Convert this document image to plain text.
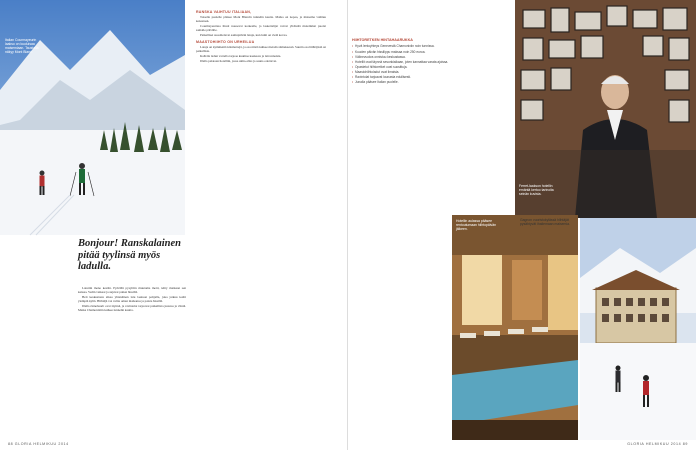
Italian Courmayeurin laakso on kuuluisaa maisemiaan. Taustalla näkyy Mont Blanc.
Bonjour! Ranskalainen pitää tyylinsä myös ladulla.

Laturiin meno kestää. Pyörällä pysyttiin muutama metri, tehty matkaan sen kanssa. Vedin vaikeat ja sujuvat paikat hissillä.

Heti keskustasta alkaa yhtenäinen latu laakson pohjalla, joka jatkuu kohti ylempiä kyliä. Hiihtäjä voi valita oman matkansa ja palata hissillä.

Illalla rinnebaarit ovat täynnä, ja ravintolat tarjoavat paikallista juustoa ja viiniä. Matka Chamonixiin kulkee tunnelin kautta.

RANSKA VAIHTUU ITALIAAN,

Toiselle puolelle pääsee Mont Blancin tunnelin kautta. Matka on nopea, ja maisema vaihtuu kokonaan.

Courmayeurissa hissit nousevat korkealle, ja laskettelijat voivat yhdistää molemmat puolet samalle päivälle.

Paikalliset suosittelevat aamupäivän latuja, kun lumi on vielä kovaa.

MAASTOHIIHTO ON URHEILUA

Latuja on kymmeniä kilometrejä, ja osa niistä kulkee metsän siimeksessä. Suurin osa hiihtäjistä on paikallisia.

Kahvila ladun varrella tarjoaa kuumaa kaakaota ja leivonnaisia.

Illalla palataan hotelliin, jossa uima-allas ja sauna odottavat.

88 GLORIA HELMIKUU 2014
HIIHTORETKEN HINTAHAARUKKA
• Hyvä lentoyhteys Genevestä Chamonixiin noin tunnissa.
• Kuuden päivän hissilippu maksaa noin 250 euroa.
• Välinevuokra onnistuu keskustassa.
• Hotellit ovat täynnä sesonkiaikaan, joten kannattaa varata ajoissa.
• Opastetut hiihtoretket ovat suosittuja.
• Maastohiihtoladut ovat ilmaisia.
• Ravintolat tarjoavat lounasta edullisesti.
• Junalla pääsee Italian puolelle.
Ferret-laakson hotellin emäntä kertoo tarinoita seinän kuvista.
Hotellin aulassa pääsee rentoutumaan hiihtopäivän jälkeen.
Gagnon vuoristokylässä hiihtäjät pysähtyvät ihailemaan maisemia.
GLORIA HELMIKUU 2014 89
